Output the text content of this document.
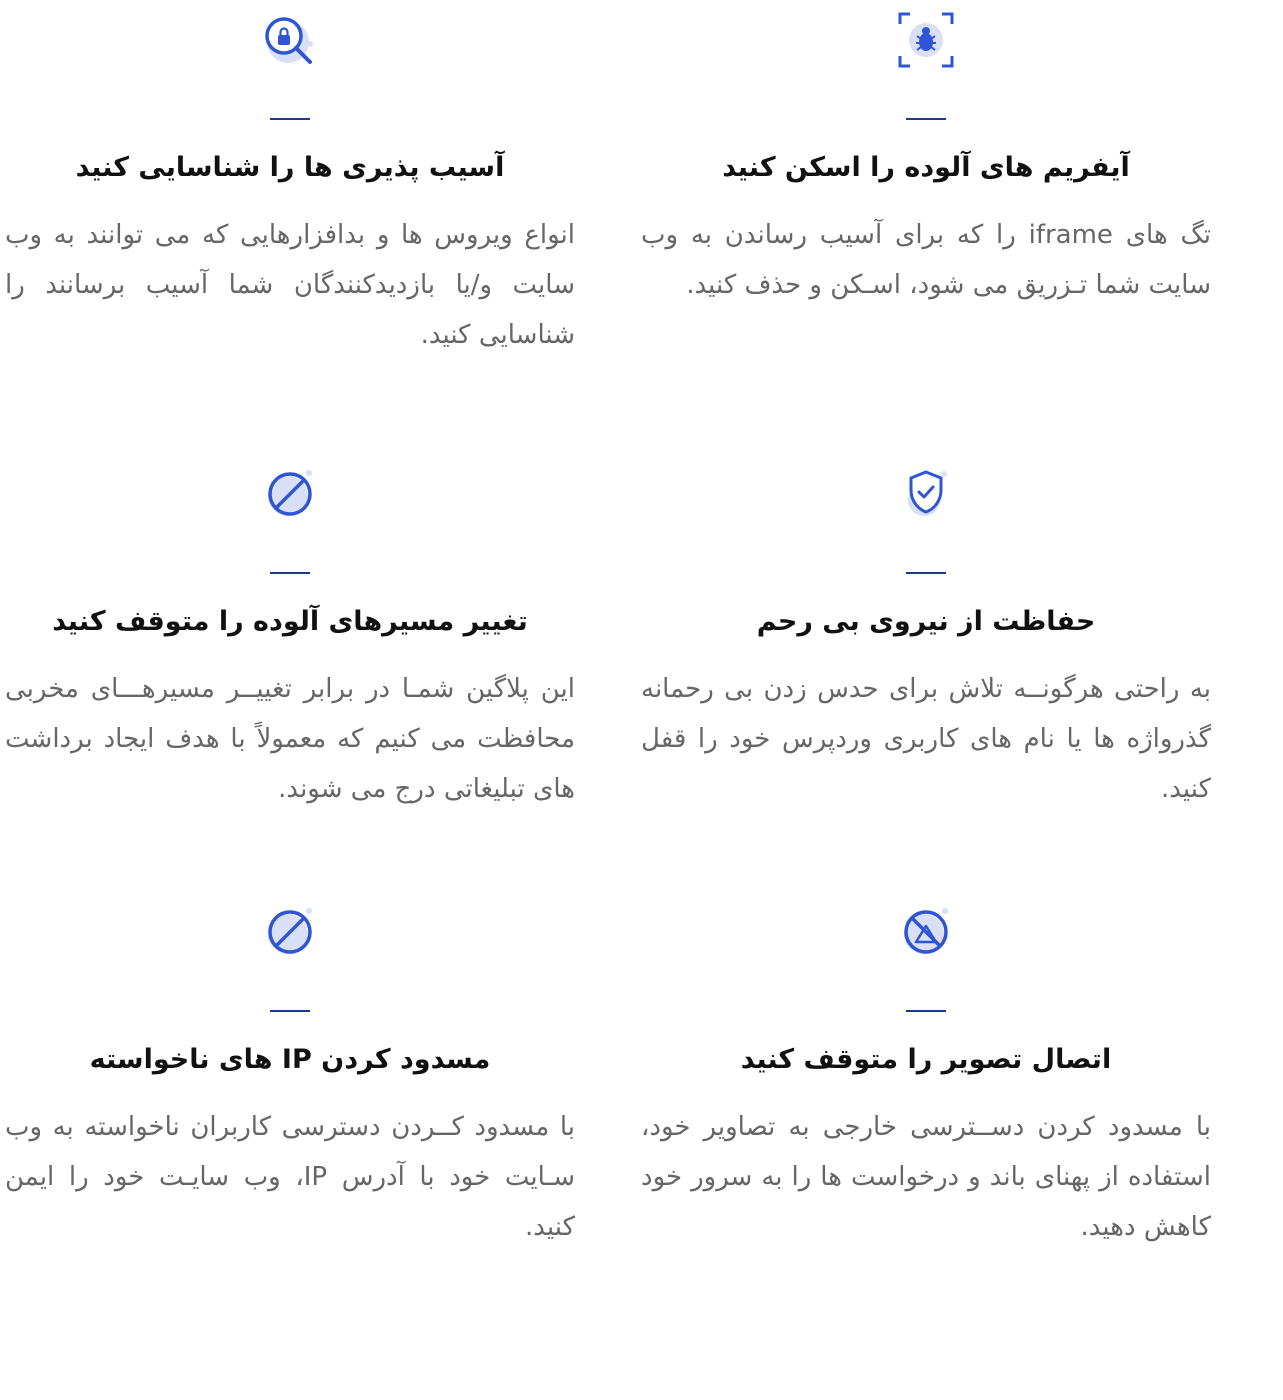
آیفریم های آلوده را اسکن کنید
تگ های iframe را که برای آسیب رساندن به وب سایت شما تـزریق می شود، اسـکن و حذف کنید.
آسیب پذیری ها را شناسایی کنید
انواع ویروس ها و بدافزارهایی که می توانند به وب سایت و/یا بازدیدکنندگان شما آسیب برسانند را شناسایی کنید.
حفاظت از نیروی بی رحم
به راحتی هرگونــه تلاش برای حدس زدن بی رحمانه گذرواژه ها یا نام های کاربری وردپرس خود را قفل کنید.
تغییر مسیرهای آلوده را متوقف کنید
این پلاگین شمـا در برابر تغییــر مسیرهـــای مخربی محافظت می کنیم که معمولاً با هدف ایجاد برداشت های تبلیغاتی درج می شوند.
اتصال تصویر را متوقف کنید
با مسدود کردن دســترسی خارجی به تصاویر خود، استفاده از پهنای باند و درخواست ها را به سرور خود کاهش دهید.
مسدود کردن IP های ناخواسته
با مسدود کــردن دسترسی کاربران ناخواسته به وب سـایت خود با آدرس IP، وب سایـت خود را ایمن کنید.
